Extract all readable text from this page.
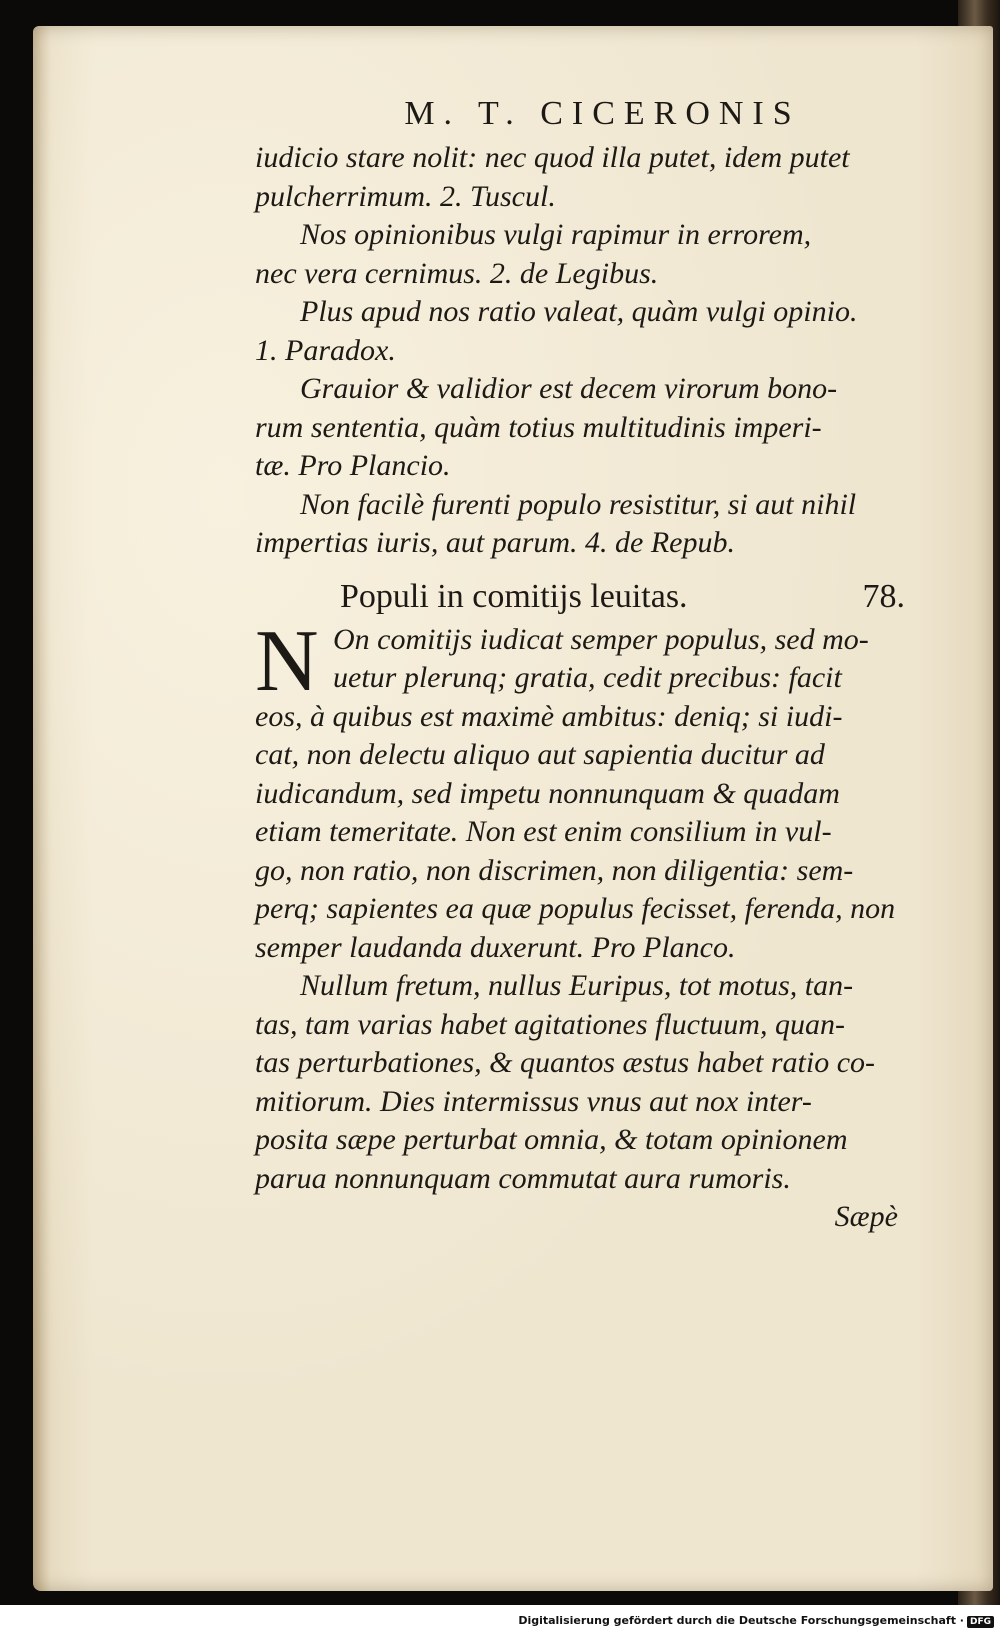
M. T. CICERONIS

iudicio stare nolit: nec quod illa putet, idem putet

pulcherrimum. 2. Tuscul.

Nos opinionibus vulgi rapimur in errorem,

nec vera cernimus. 2. de Legibus.

Plus apud nos ratio valeat, quàm vulgi opinio.

1. Paradox.

Grauior & validior est decem virorum bono-

rum sententia, quàm totius multitudinis imperi-

tæ. Pro Plancio.

Non facilè furenti populo resistitur, si aut nihil

impertias iuris, aut parum. 4. de Repub.

Populi in comitijs leuitas.	78.
N On comitijs iudicat semper populus, sed mo-

uetur plerunq; gratia, cedit precibus: facit

eos, à quibus est maximè ambitus: deniq; si iudi-

cat, non delectu aliquo aut sapientia ducitur ad

iudicandum, sed impetu nonnunquam & quadam

etiam temeritate. Non est enim consilium in vul-

go, non ratio, non discrimen, non diligentia: sem-

perq; sapientes ea quæ populus fecisset, ferenda, non

semper laudanda duxerunt. Pro Planco.

Nullum fretum, nullus Euripus, tot motus, tan-

tas, tam varias habet agitationes fluctuum, quan-

tas perturbationes, & quantos æstus habet ratio co-

mitiorum. Dies intermissus vnus aut nox inter-

posita sæpe perturbat omnia, & totam opinionem

parua nonnunquam commutat aura rumoris.

Sæpè
Digitalisierung gefördert durch die Deutsche Forschungsgemeinschaft · DFG
